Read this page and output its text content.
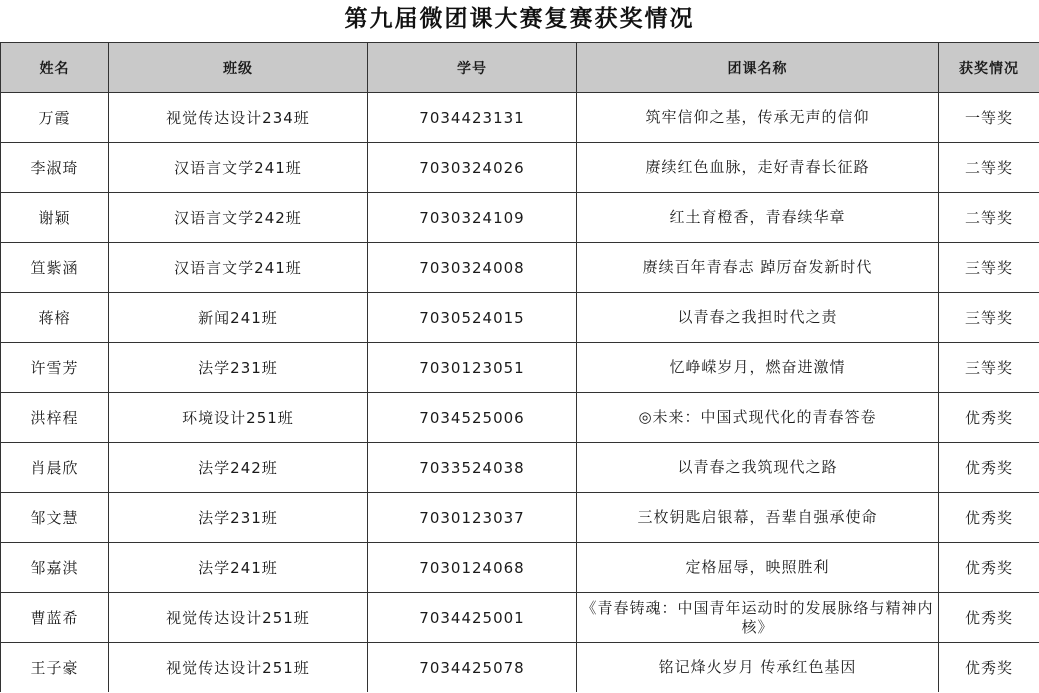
第九届微团课大赛复赛获奖情况
姓名	班级	学号	团课名称	获奖情况
万霞	视觉传达设计234班	7034423131	筑牢信仰之基，传承无声的信仰	一等奖
李淑琦	汉语言文学241班	7030324026	赓续红色血脉，走好青春长征路	二等奖
谢颖	汉语言文学242班	7030324109	红土育橙香，青春续华章	二等奖
笪紫涵	汉语言文学241班	7030324008	赓续百年青春志 踔厉奋发新时代	三等奖
蒋榕	新闻241班	7030524015	以青春之我担时代之责	三等奖
许雪芳	法学231班	7030123051	忆峥嵘岁月，燃奋进激情	三等奖
洪梓程	环境设计251班	7034525006	◎未来：中国式现代化的青春答卷	优秀奖
肖晨欣	法学242班	7033524038	以青春之我筑现代之路	优秀奖
邹文慧	法学231班	7030123037	三枚钥匙启银幕，吾辈自强承使命	优秀奖
邹嘉淇	法学241班	7030124068	定格屈辱，映照胜利	优秀奖
曹蓝希	视觉传达设计251班	7034425001	《青春铸魂：中国青年运动时的发展脉络与精神内核》	优秀奖
王子豪	视觉传达设计251班	7034425078	铭记烽火岁月 传承红色基因	优秀奖
